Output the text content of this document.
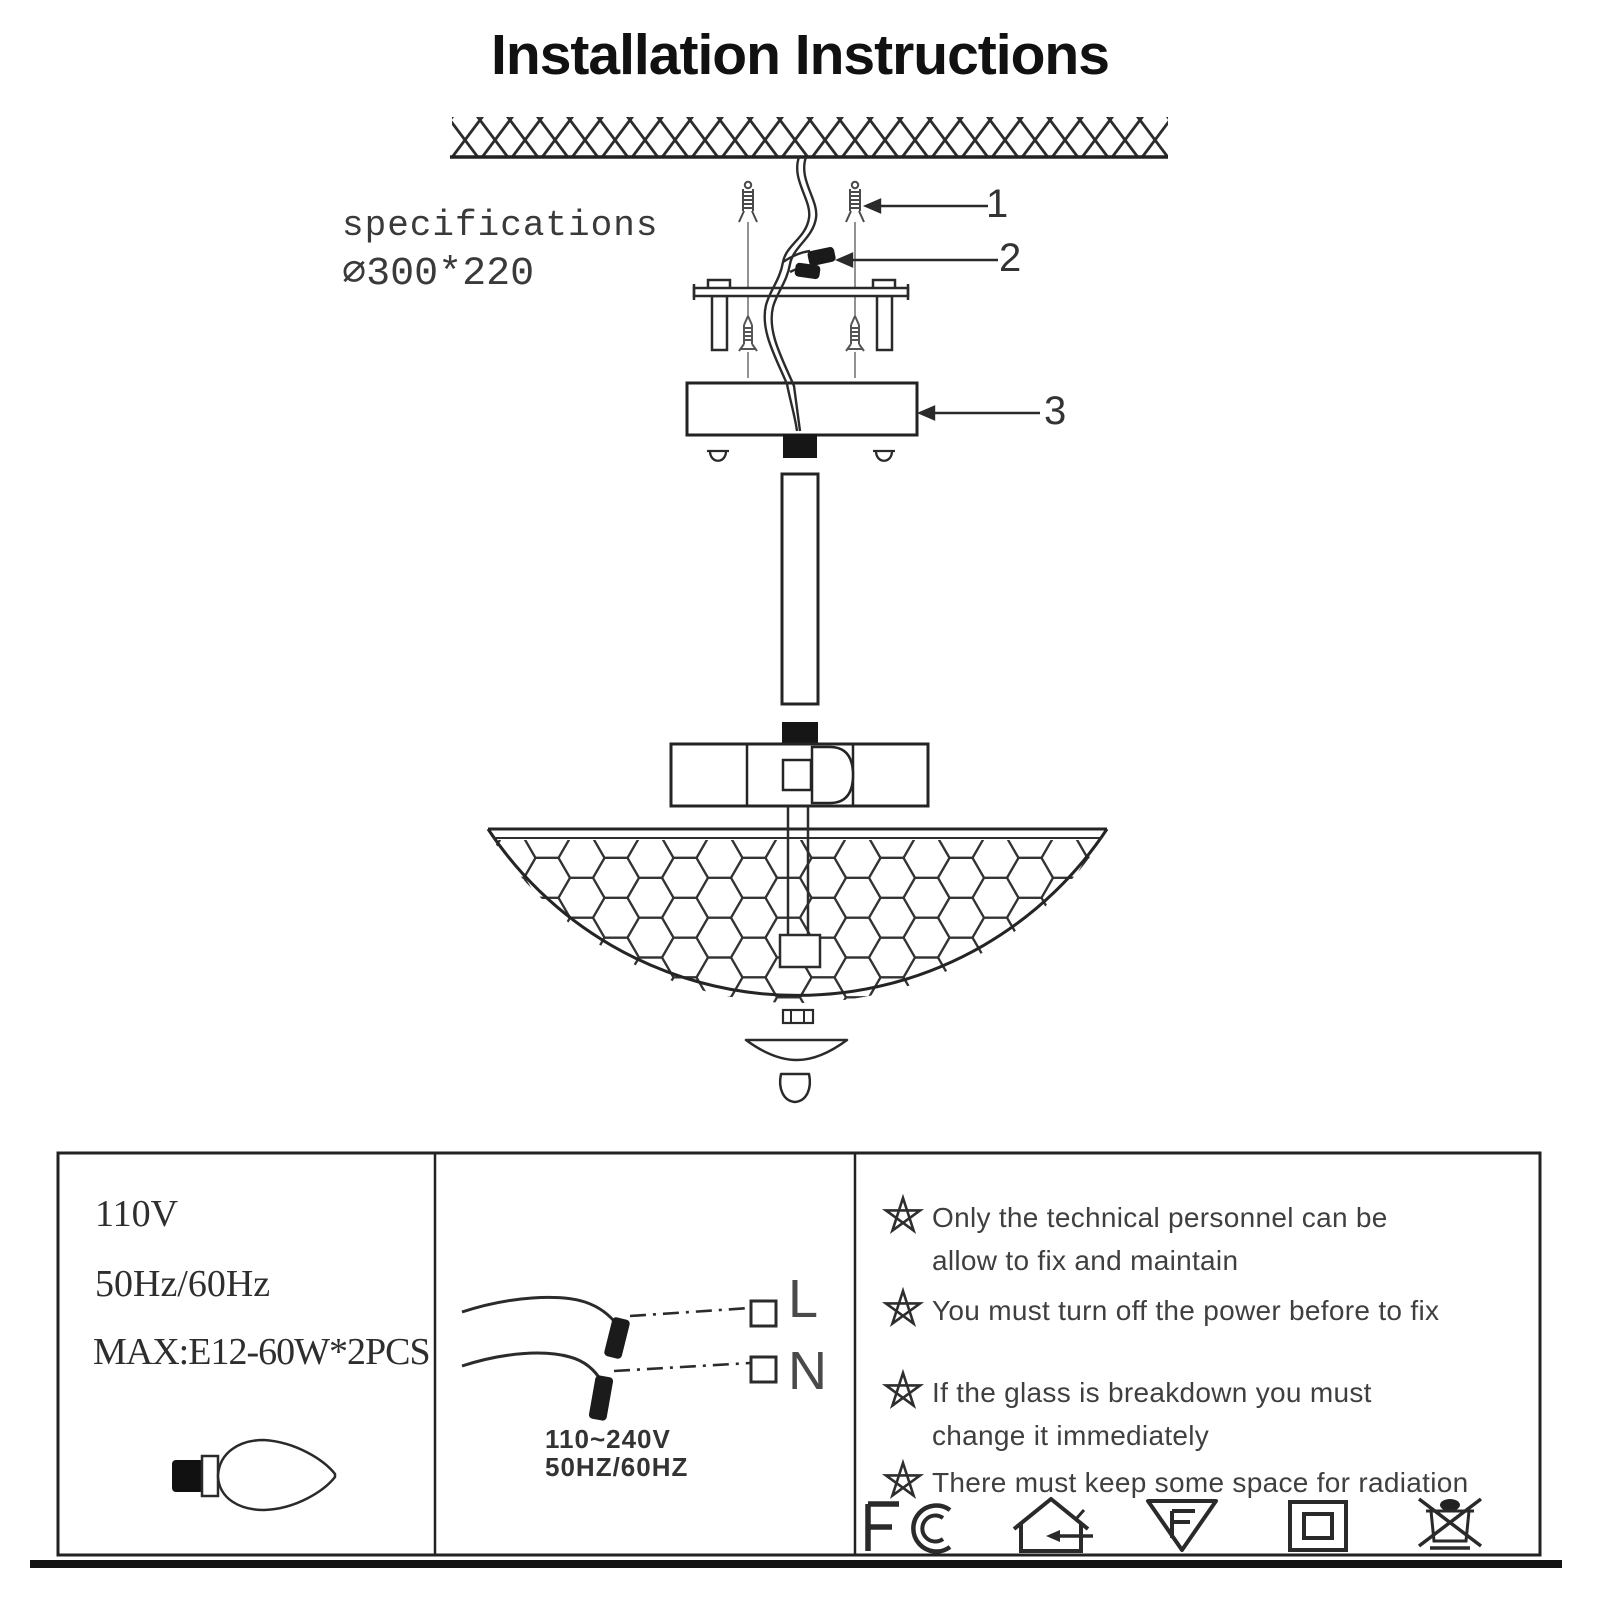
Installation Instructions
specifications
⌀300*220
1
2
3
110V
50Hz/60Hz
MAX:E12-60W*2PCS
L
N
110~240V
50HZ/60HZ
Only the technical personnel can be
allow to fix and maintain
You must turn off the power before to fix
If the glass is breakdown you must
change it immediately
There must keep some space for radiation
